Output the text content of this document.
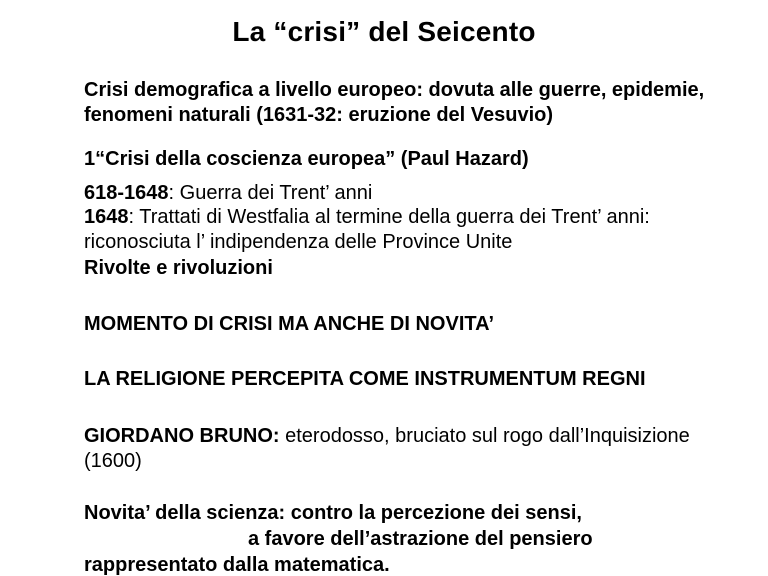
La “crisi” del Seicento

Crisi demografica a livello europeo: dovuta alle guerre, epidemie, fenomeni naturali (1631-32: eruzione del Vesuvio)

1“Crisi della coscienza europea” (Paul Hazard)

618-1648: Guerra dei Trent’ anni

1648: Trattati di Westfalia al termine della guerra dei Trent’ anni: riconosciuta l’ indipendenza delle Province Unite

Rivolte e rivoluzioni

MOMENTO DI CRISI MA ANCHE DI NOVITA’

LA RELIGIONE PERCEPITA COME INSTRUMENTUM REGNI

GIORDANO BRUNO: eterodosso, bruciato sul rogo dall’Inquisizione (1600)

Novita’ della scienza: contro la percezione dei sensi,
a favore dell’astrazione del pensiero
rappresentato dalla matematica.
